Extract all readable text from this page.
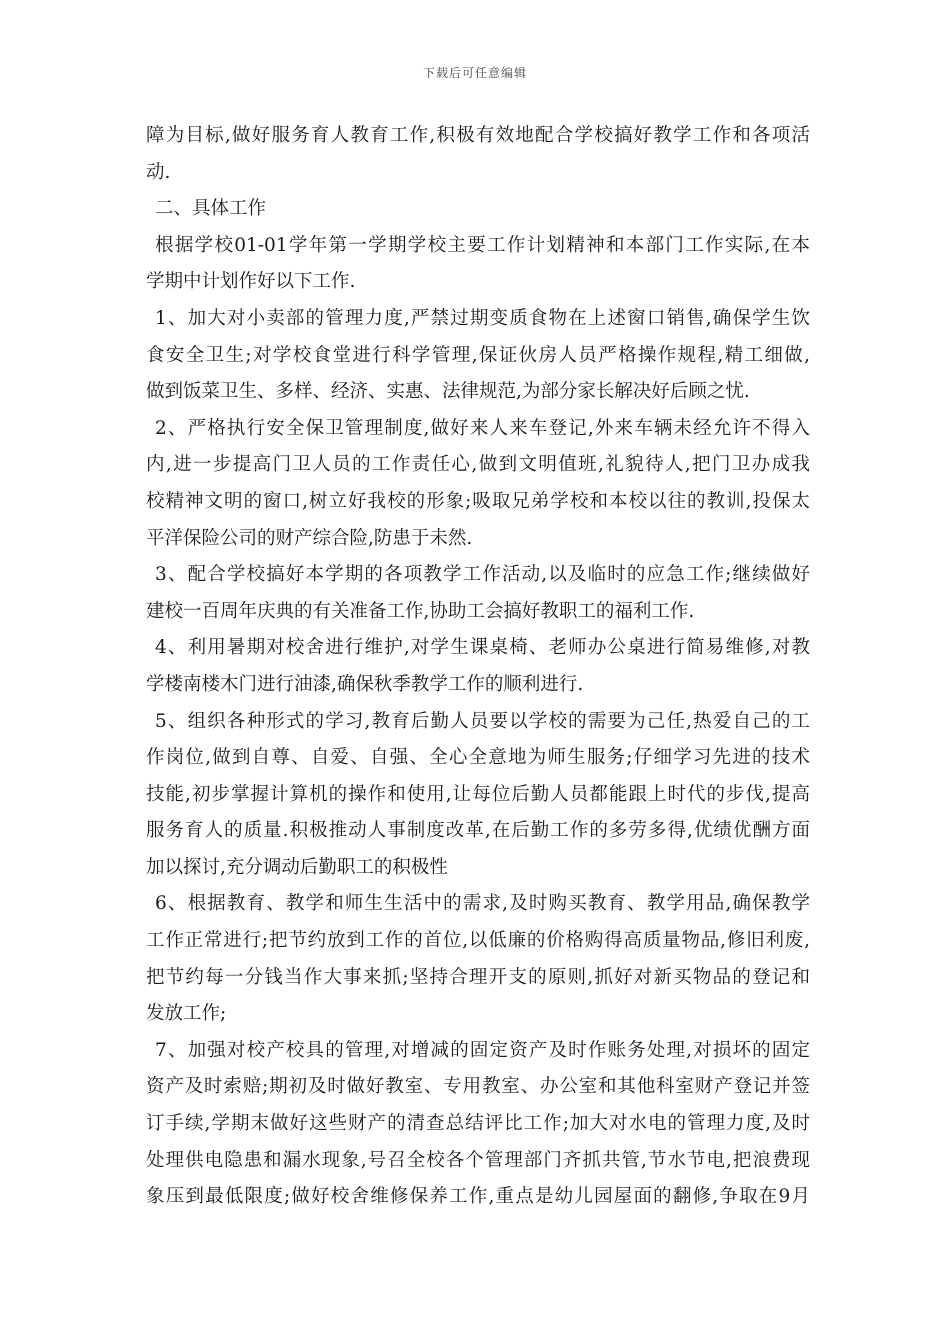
下载后可任意编辑
障为目标,做好服务育人教育工作,积极有效地配合学校搞好教学工作和各项活
动.
二、具体工作
根据学校01-01学年第一学期学校主要工作计划精神和本部门工作实际,在本
学期中计划作好以下工作.
1、加大对小卖部的管理力度,严禁过期变质食物在上述窗口销售,确保学生饮
食安全卫生;对学校食堂进行科学管理,保证伙房人员严格操作规程,精工细做,
做到饭菜卫生、多样、经济、实惠、法律规范,为部分家长解决好后顾之忧.
2、严格执行安全保卫管理制度,做好来人来车登记,外来车辆未经允许不得入
内,进一步提高门卫人员的工作责任心,做到文明值班,礼貌待人,把门卫办成我
校精神文明的窗口,树立好我校的形象;吸取兄弟学校和本校以往的教训,投保太
平洋保险公司的财产综合险,防患于未然.
3、配合学校搞好本学期的各项教学工作活动,以及临时的应急工作;继续做好
建校一百周年庆典的有关准备工作,协助工会搞好教职工的福利工作.
4、利用暑期对校舍进行维护,对学生课桌椅、老师办公桌进行简易维修,对教
学楼南楼木门进行油漆,确保秋季教学工作的顺利进行.
5、组织各种形式的学习,教育后勤人员要以学校的需要为己任,热爱自己的工
作岗位,做到自尊、自爱、自强、全心全意地为师生服务;仔细学习先进的技术
技能,初步掌握计算机的操作和使用,让每位后勤人员都能跟上时代的步伐,提高
服务育人的质量.积极推动人事制度改革,在后勤工作的多劳多得,优绩优酬方面
加以探讨,充分调动后勤职工的积极性
6、根据教育、教学和师生生活中的需求,及时购买教育、教学用品,确保教学
工作正常进行;把节约放到工作的首位,以低廉的价格购得高质量物品,修旧利废,
把节约每一分钱当作大事来抓;坚持合理开支的原则,抓好对新买物品的登记和
发放工作;
7、加强对校产校具的管理,对增减的固定资产及时作账务处理,对损坏的固定
资产及时索赔;期初及时做好教室、专用教室、办公室和其他科室财产登记并签
订手续,学期末做好这些财产的清查总结评比工作;加大对水电的管理力度,及时
处理供电隐患和漏水现象,号召全校各个管理部门齐抓共管,节水节电,把浪费现
象压到最低限度;做好校舍维修保养工作,重点是幼儿园屋面的翻修,争取在9月
